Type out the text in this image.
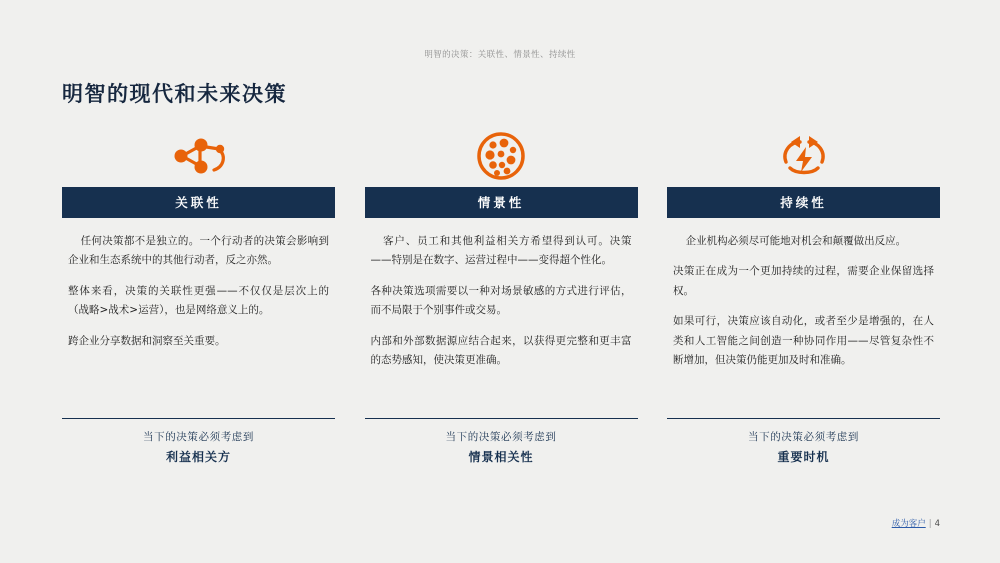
明智的决策：关联性、情景性、持续性
明智的现代和未来决策
关联性

任何决策都不是独立的。一个行动者的决策会影响到企业和生态系统中的其他行动者，反之亦然。

整体来看，决策的关联性更强——不仅仅是层次上的（战略>战术>运营），也是网络意义上的。

跨企业分享数据和洞察至关重要。

情景性

客户、员工和其他利益相关方希望得到认可。决策——特别是在数字、运营过程中——变得超个性化。

各种决策选项需要以一种对场景敏感的方式进行评估，而不局限于个别事件或交易。

内部和外部数据源应结合起来，以获得更完整和更丰富的态势感知，使决策更准确。

持续性

企业机构必须尽可能地对机会和颠覆做出反应。

决策正在成为一个更加持续的过程，需要企业保留选择权。

如果可行，决策应该自动化，或者至少是增强的，在人类和人工智能之间创造一种协同作用——尽管复杂性不断增加，但决策仍能更加及时和准确。

当下的决策必须考虑到
利益相关方
当下的决策必须考虑到
情景相关性
当下的决策必须考虑到
重要时机
成为客户 | 4
